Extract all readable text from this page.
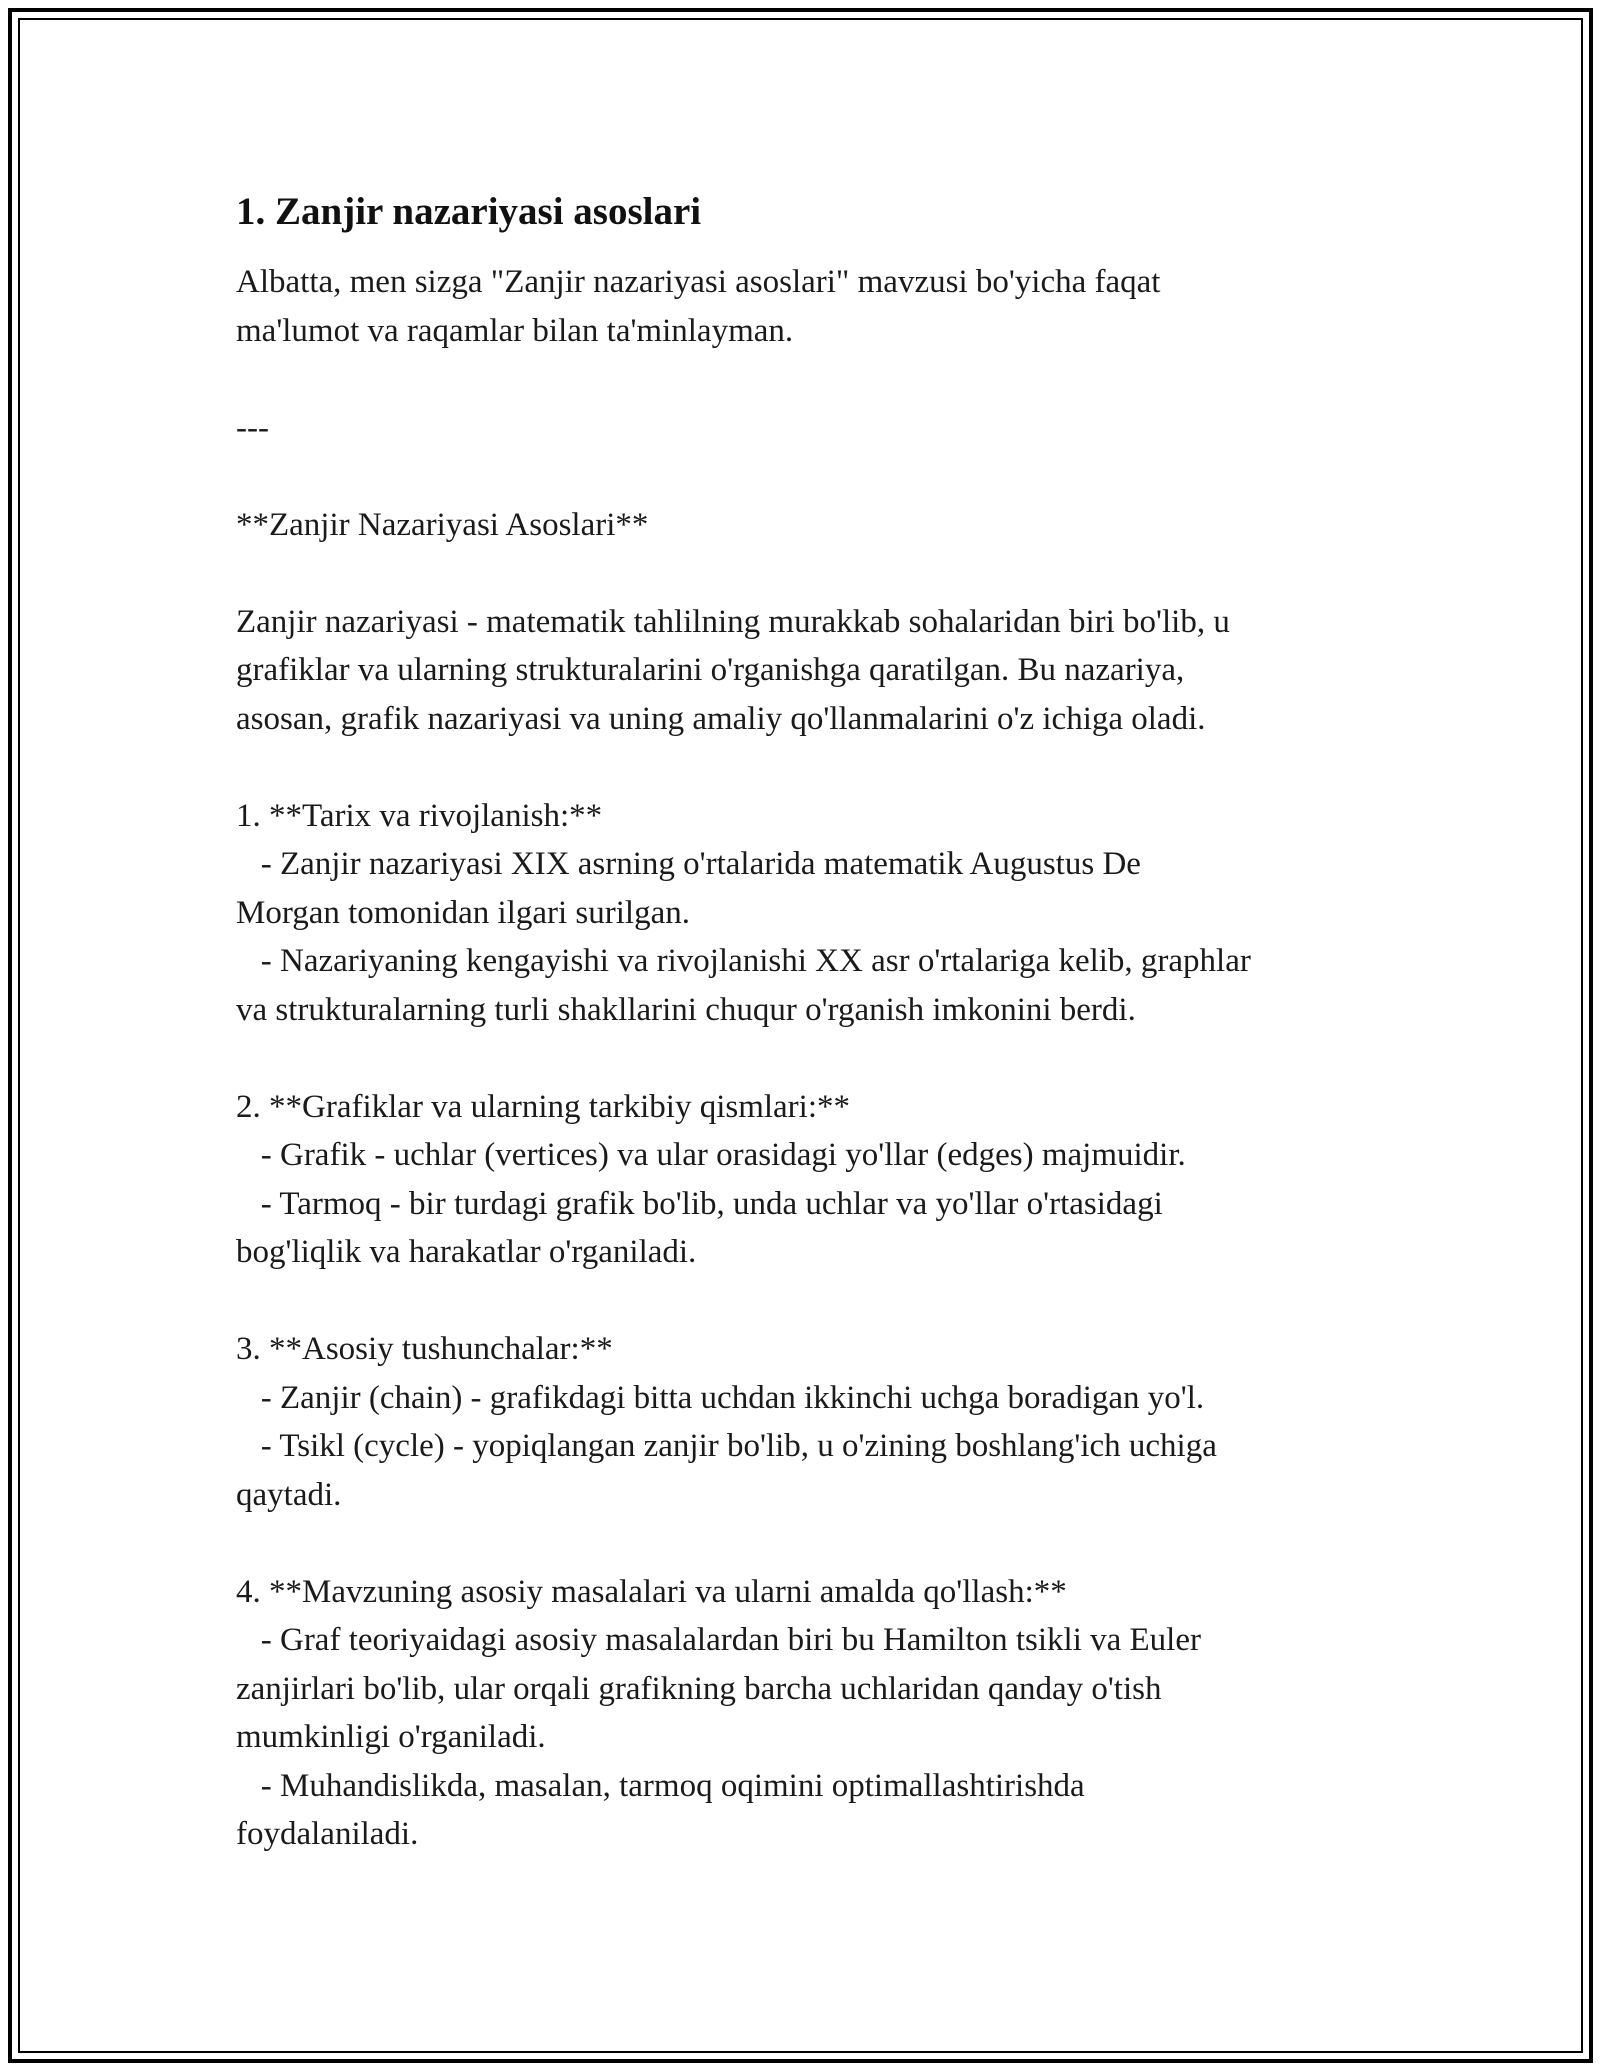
1. Zanjir nazariyasi asoslari

Albatta, men sizga "Zanjir nazariyasi asoslari" mavzusi bo'yicha faqat

ma'lumot va raqamlar bilan ta'minlayman.

---

**Zanjir Nazariyasi Asoslari**

Zanjir nazariyasi - matematik tahlilning murakkab sohalaridan biri bo'lib, u

grafiklar va ularning strukturalarini o'rganishga qaratilgan. Bu nazariya,

asosan, grafik nazariyasi va uning amaliy qo'llanmalarini o'z ichiga oladi.

1. **Tarix va rivojlanish:**

- Zanjir nazariyasi XIX asrning o'rtalarida matematik Augustus De

Morgan tomonidan ilgari surilgan.

- Nazariyaning kengayishi va rivojlanishi XX asr o'rtalariga kelib, graphlar

va strukturalarning turli shakllarini chuqur o'rganish imkonini berdi.

2. **Grafiklar va ularning tarkibiy qismlari:**

- Grafik - uchlar (vertices) va ular orasidagi yo'llar (edges) majmuidir.

- Tarmoq - bir turdagi grafik bo'lib, unda uchlar va yo'llar o'rtasidagi

bog'liqlik va harakatlar o'rganiladi.

3. **Asosiy tushunchalar:**

- Zanjir (chain) - grafikdagi bitta uchdan ikkinchi uchga boradigan yo'l.

- Tsikl (cycle) - yopiqlangan zanjir bo'lib, u o'zining boshlang'ich uchiga

qaytadi.

4. **Mavzuning asosiy masalalari va ularni amalda qo'llash:**

- Graf teoriyaidagi asosiy masalalardan biri bu Hamilton tsikli va Euler

zanjirlari bo'lib, ular orqali grafikning barcha uchlaridan qanday o'tish

mumkinligi o'rganiladi.

- Muhandislikda, masalan, tarmoq oqimini optimallashtirishda

foydalaniladi.
